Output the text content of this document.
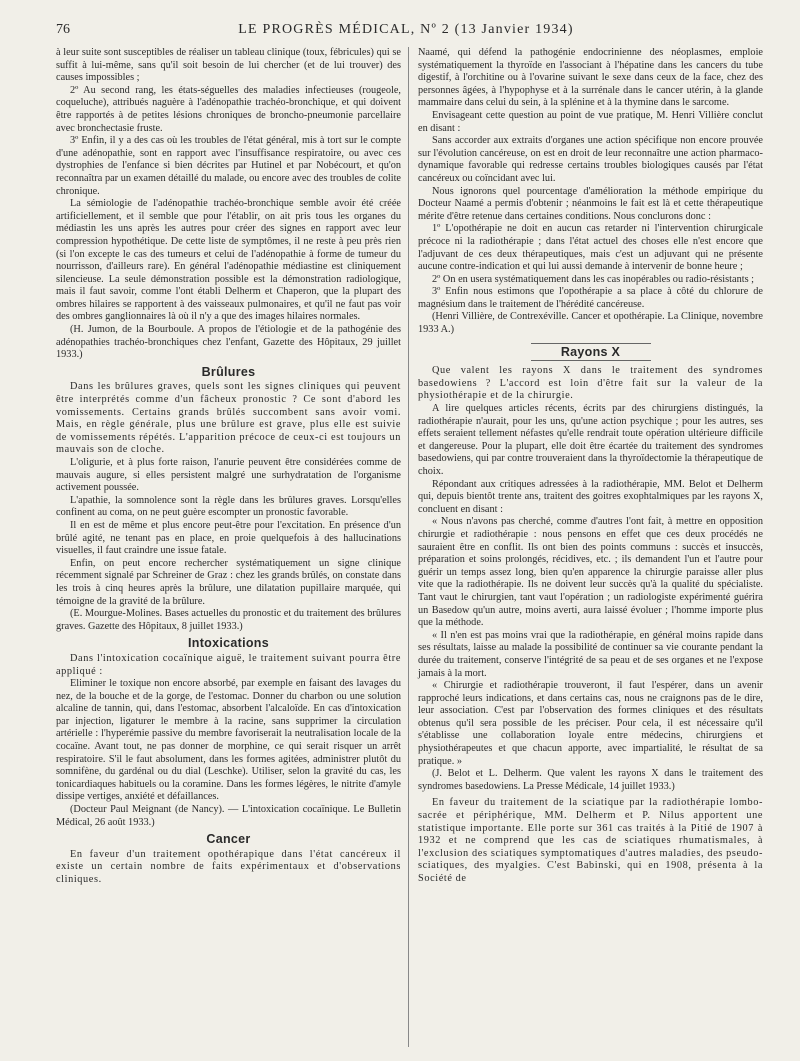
76	LE PROGRÈS MÉDICAL, Nº 2 (13 Janvier 1934)

à leur suite sont susceptibles de réaliser un tableau clinique (toux, fébricules) qui se suffit à lui-même, sans qu'il soit besoin de lui chercher (et de lui trouver) des causes impossibles ;

2º Au second rang, les états-séguelles des maladies infectieuses (rougeole, coqueluche), attribués naguère à l'adénopathie trachéo-bronchique, et qui doivent être rapportés à de petites lésions chroniques de broncho-pneumonie parcellaire avec bronchectasie fruste.

3º Enfin, il y a des cas où les troubles de l'état général, mis à tort sur le compte d'une adénopathie, sont en rapport avec l'insuffisance respiratoire, ou avec ces dystrophies de l'enfance si bien décrites par Hutinel et par Nobécourt, et qu'on reconnaîtra par un examen détaillé du malade, ou encore avec des troubles de colite chronique.

La sémiologie de l'adénopathie trachéo-bronchique semble avoir été créée artificiellement, et il semble que pour l'établir, on ait pris tous les organes du médiastin les uns après les autres pour créer des signes en rapport avec leur compression hypothétique. De cette liste de symptômes, il ne reste à peu près rien (si l'on excepte le cas des tumeurs et celui de l'adénopathie à forme de tumeur du nourrisson, d'ailleurs rare). En général l'adénopathie médiastine est cliniquement silencieuse. La seule démonstration possible est la démonstration radiologique, mais il faut savoir, comme l'ont établi Delherm et Chaperon, que la plupart des ombres hilaires se rapportent à des vaisseaux pulmonaires, et qu'il ne faut pas voir des ombres ganglionnaires là où il n'y a que des images hilaires normales.

(H. Jumon, de la Bourboule. A propos de l'étiologie et de la pathogénie des adénopathies trachéo-bronchiques chez l'enfant, Gazette des Hôpitaux, 29 juillet 1933.)

Brûlures

Dans les brûlures graves, quels sont les signes cliniques qui peuvent être interprétés comme d'un fâcheux pronostic ? Ce sont d'abord les vomissements. Certains grands brûlés succombent sans avoir vomi. Mais, en règle générale, plus une brûlure est grave, plus elle est suivie de vomissements répétés. L'apparition précoce de ceux-ci est toujours un mauvais son de cloche.

L'oligurie, et à plus forte raison, l'anurie peuvent être considérées comme de mauvais augure, si elles persistent malgré une surhydratation de l'organisme activement poussée.

L'apathie, la somnolence sont la règle dans les brûlures graves. Lorsqu'elles confinent au coma, on ne peut guère escompter un pronostic favorable.

Il en est de même et plus encore peut-être pour l'excitation. En présence d'un brûlé agité, ne tenant pas en place, en proie quelquefois à des hallucinations visuelles, il faut craindre une issue fatale.

Enfin, on peut encore rechercher systématiquement un signe clinique récemment signalé par Schreiner de Graz : chez les grands brûlés, on constate dans les trois à cinq heures après la brûlure, une dilatation pupillaire marquée, qui témoigne de la gravité de la brûlure.

(E. Mourgue-Molines. Bases actuelles du pronostic et du traitement des brûlures graves. Gazette des Hôpitaux, 8 juillet 1933.)

Intoxications

Dans l'intoxication cocaïnique aiguë, le traitement suivant pourra être appliqué :

Eliminer le toxique non encore absorbé, par exemple en faisant des lavages du nez, de la bouche et de la gorge, de l'estomac. Donner du charbon ou une solution alcaline de tannin, qui, dans l'estomac, absorbent l'alcaloïde. En cas d'intoxication par injection, ligaturer le membre à la racine, sans supprimer la circulation artérielle : l'hyperémie passive du membre favoriserait la neutralisation locale de la cocaïne. Avant tout, ne pas donner de morphine, ce qui serait risquer un arrêt respiratoire. S'il le faut absolument, dans les formes agitées, administrer plutôt du somnifène, du gardénal ou du dial (Leschke). Utiliser, selon la gravité du cas, les tonicardiaques habituels ou la coramine. Dans les formes légères, le nitrite d'amyle dissipe vertiges, anxiété et défaillances.

(Docteur Paul Meignant (de Nancy). — L'intoxication cocaïnique. Le Bulletin Médical, 26 août 1933.)

Cancer

En faveur d'un traitement opothérapique dans l'état cancéreux il existe un certain nombre de faits expérimentaux et d'observations cliniques.

Naamé, qui défend la pathogénie endocrinienne des néoplasmes, emploie systématiquement la thyroïde en l'associant à l'hépatine dans les cancers du tube digestif, à l'orchitine ou à l'ovarine suivant le sexe dans ceux de la face, chez des personnes âgées, à l'hypophyse et à la surrénale dans le cancer utérin, à la glande mammaire dans celui du sein, à la splénine et à la thymine dans le sarcome.

Envisageant cette question au point de vue pratique, M. Henri Villière conclut en disant :

Sans accorder aux extraits d'organes une action spécifique non encore prouvée sur l'évolution cancéreuse, on est en droit de leur reconnaître une action pharmaco-dynamique favorable qui redresse certains troubles biologiques causés par l'état cancéreux ou coïncidant avec lui.

Nous ignorons quel pourcentage d'amélioration la méthode empirique du Docteur Naamé a permis d'obtenir ; néanmoins le fait est là et cette thérapeutique mérite d'être retenue dans certaines conditions. Nous conclurons donc :

1º L'opothérapie ne doit en aucun cas retarder ni l'intervention chirurgicale précoce ni la radiothérapie ; dans l'état actuel des choses elle n'est encore que l'adjuvant de ces deux thérapeutiques, mais c'est un adjuvant qui ne présente aucune contre-indication et qui lui aussi demande à intervenir de bonne heure ;

2º On en usera systématiquement dans les cas inopérables ou radio-résistants ;

3º Enfin nous estimons que l'opothérapie a sa place à côté du chlorure de magnésium dans le traitement de l'hérédité cancéreuse.

(Henri Villière, de Contrexéville. Cancer et opothérapie. La Clinique, novembre 1933 A.)

Rayons X

Que valent les rayons X dans le traitement des syndromes basedowiens ? L'accord est loin d'être fait sur la valeur de la physiothérapie et de la chirurgie.

A lire quelques articles récents, écrits par des chirurgiens distingués, la radiothérapie n'aurait, pour les uns, qu'une action psychique ; pour les autres, ses effets seraient tellement néfastes qu'elle rendrait toute opération ultérieure difficile et dangereuse. Pour la plupart, elle doit être écartée du traitement des syndromes basedowiens, qui par contre trouveraient dans la thyroïdectomie la thérapeutique de choix.

Répondant aux critiques adressées à la radiothérapie, MM. Belot et Delherm qui, depuis bientôt trente ans, traitent des goitres exophtalmiques par les rayons X, concluent en disant :

« Nous n'avons pas cherché, comme d'autres l'ont fait, à mettre en opposition chirurgie et radiothérapie : nous pensons en effet que ces deux procédés ne sauraient être en conflit. Ils ont bien des points communs : succès et insuccès, préparation et soins prolongés, récidives, etc. ; ils demandent l'un et l'autre pour guérir un temps assez long, bien qu'en apparence la chirurgie paraisse aller plus vite que la radiothérapie. Ils ne doivent leur succès qu'à la qualité du spécialiste. Tant vaut le chirurgien, tant vaut l'opération ; un radiologiste expérimenté guérira un Basedow qu'un autre, moins averti, aura laissé évoluer ; l'homme importe plus que la méthode.

« Il n'en est pas moins vrai que la radiothérapie, en général moins rapide dans ses résultats, laisse au malade la possibilité de continuer sa vie courante pendant la durée du traitement, conserve l'intégrité de sa peau et de ses organes et ne l'expose jamais à la mort.

« Chirurgie et radiothérapie trouveront, il faut l'espérer, dans un avenir rapproché leurs indications, et dans certains cas, nous ne craignons pas de le dire, leur association. C'est par l'observation des formes cliniques et des résultats obtenus qu'il sera possible de les préciser. Pour cela, il est nécessaire qu'il s'établisse une collaboration loyale entre médecins, chirurgiens et physiothérapeutes et que chacun apporte, avec impartialité, le résultat de sa pratique. »

(J. Belot et L. Delherm. Que valent les rayons X dans le traitement des syndromes basedowiens. La Presse Médicale, 14 juillet 1933.)

En faveur du traitement de la sciatique par la radiothérapie lombo-sacrée et périphérique, MM. Delherm et P. Nilus apportent une statistique importante. Elle porte sur 361 cas traités à la Pitié de 1907 à 1932 et ne comprend que les cas de sciatiques rhumatismales, à l'exclusion des sciatiques symptomatiques d'autres maladies, des pseudo-sciatiques, des myalgies. C'est Babinski, qui en 1908, présenta à la Société de
